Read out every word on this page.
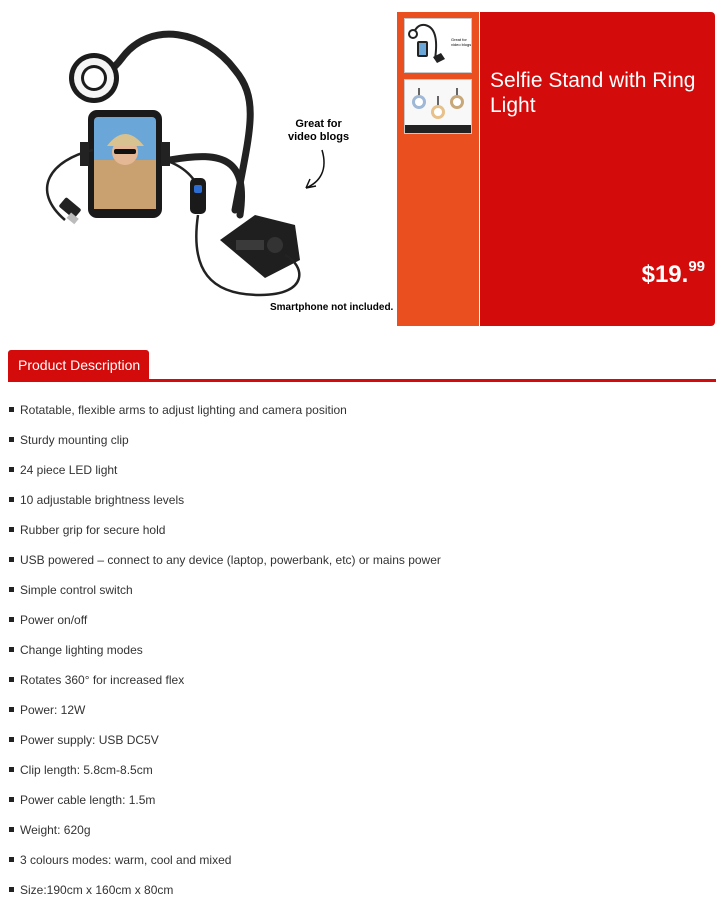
Great for
video blogs
Smartphone not included.
Great for
video blogs
Selfie Stand with Ring Light
$19.99
Product Description
Rotatable, flexible arms to adjust lighting and camera position
Sturdy mounting clip
24 piece LED light
10 adjustable brightness levels
Rubber grip for secure hold
USB powered – connect to any device (laptop, powerbank, etc) or mains power
Simple control switch
Power on/off
Change lighting modes
Rotates 360° for increased flex
Power: 12W
Power supply: USB DC5V
Clip length: 5.8cm-8.5cm
Power cable length: 1.5m
Weight: 620g
3 colours modes: warm, cool and mixed
Size:190cm x 160cm x 80cm
